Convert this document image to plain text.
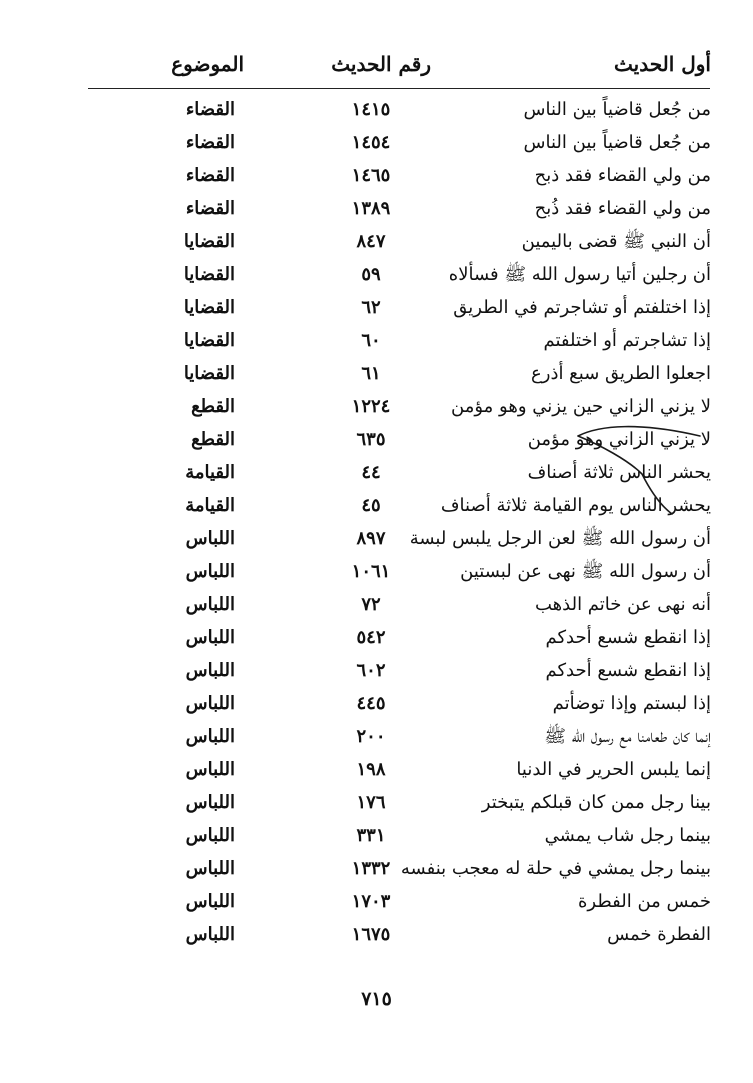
أول الحديث
رقم الحديث
الموضوع
من جُعل قاضياً بين الناس
١٤١٥
القضاء
من جُعل قاضياً بين الناس
١٤٥٤
القضاء
من ولي القضاء فقد ذبح
١٤٦٥
القضاء
من ولي القضاء فقد ذُبح
١٣٨٩
القضاء
أن النبي ﷺ قضى باليمين
٨٤٧
القضايا
أن رجلين أتيا رسول الله ﷺ فسألاه
٥٩
القضايا
إذا اختلفتم أو تشاجرتم في الطريق
٦٢
القضايا
إذا تشاجرتم أو اختلفتم
٦٠
القضايا
اجعلوا الطريق سبع أذرع
٦١
القضايا
لا يزني الزاني حين يزني وهو مؤمن
١٢٢٤
القطع
لا يزني الزاني وهو مؤمن
٦٣٥
القطع
يحشر الناس ثلاثة أصناف
٤٤
القيامة
يحشر الناس يوم القيامة ثلاثة أصناف
٤٥
القيامة
أن رسول الله ﷺ لعن الرجل يلبس لبسة
٨٩٧
اللباس
أن رسول الله ﷺ نهى عن لبستين
١٠٦١
اللباس
أنه نهى عن خاتم الذهب
٧٢
اللباس
إذا انقطع شسع أحدكم
٥٤٢
اللباس
إذا انقطع شسع أحدكم
٦٠٢
اللباس
إذا لبستم وإذا توضأتم
٤٤٥
اللباس
إنما كان طعامنا مع رسول الله ﷺ
٢٠٠
اللباس
إنما يلبس الحرير في الدنيا
١٩٨
اللباس
بينا رجل ممن كان قبلكم يتبختر
١٧٦
اللباس
بينما رجل شاب يمشي
٣٣١
اللباس
بينما رجل يمشي في حلة له معجب بنفسه
١٣٣٢
اللباس
خمس من الفطرة
١٧٠٣
اللباس
الفطرة خمس
١٦٧٥
اللباس
٧١٥
